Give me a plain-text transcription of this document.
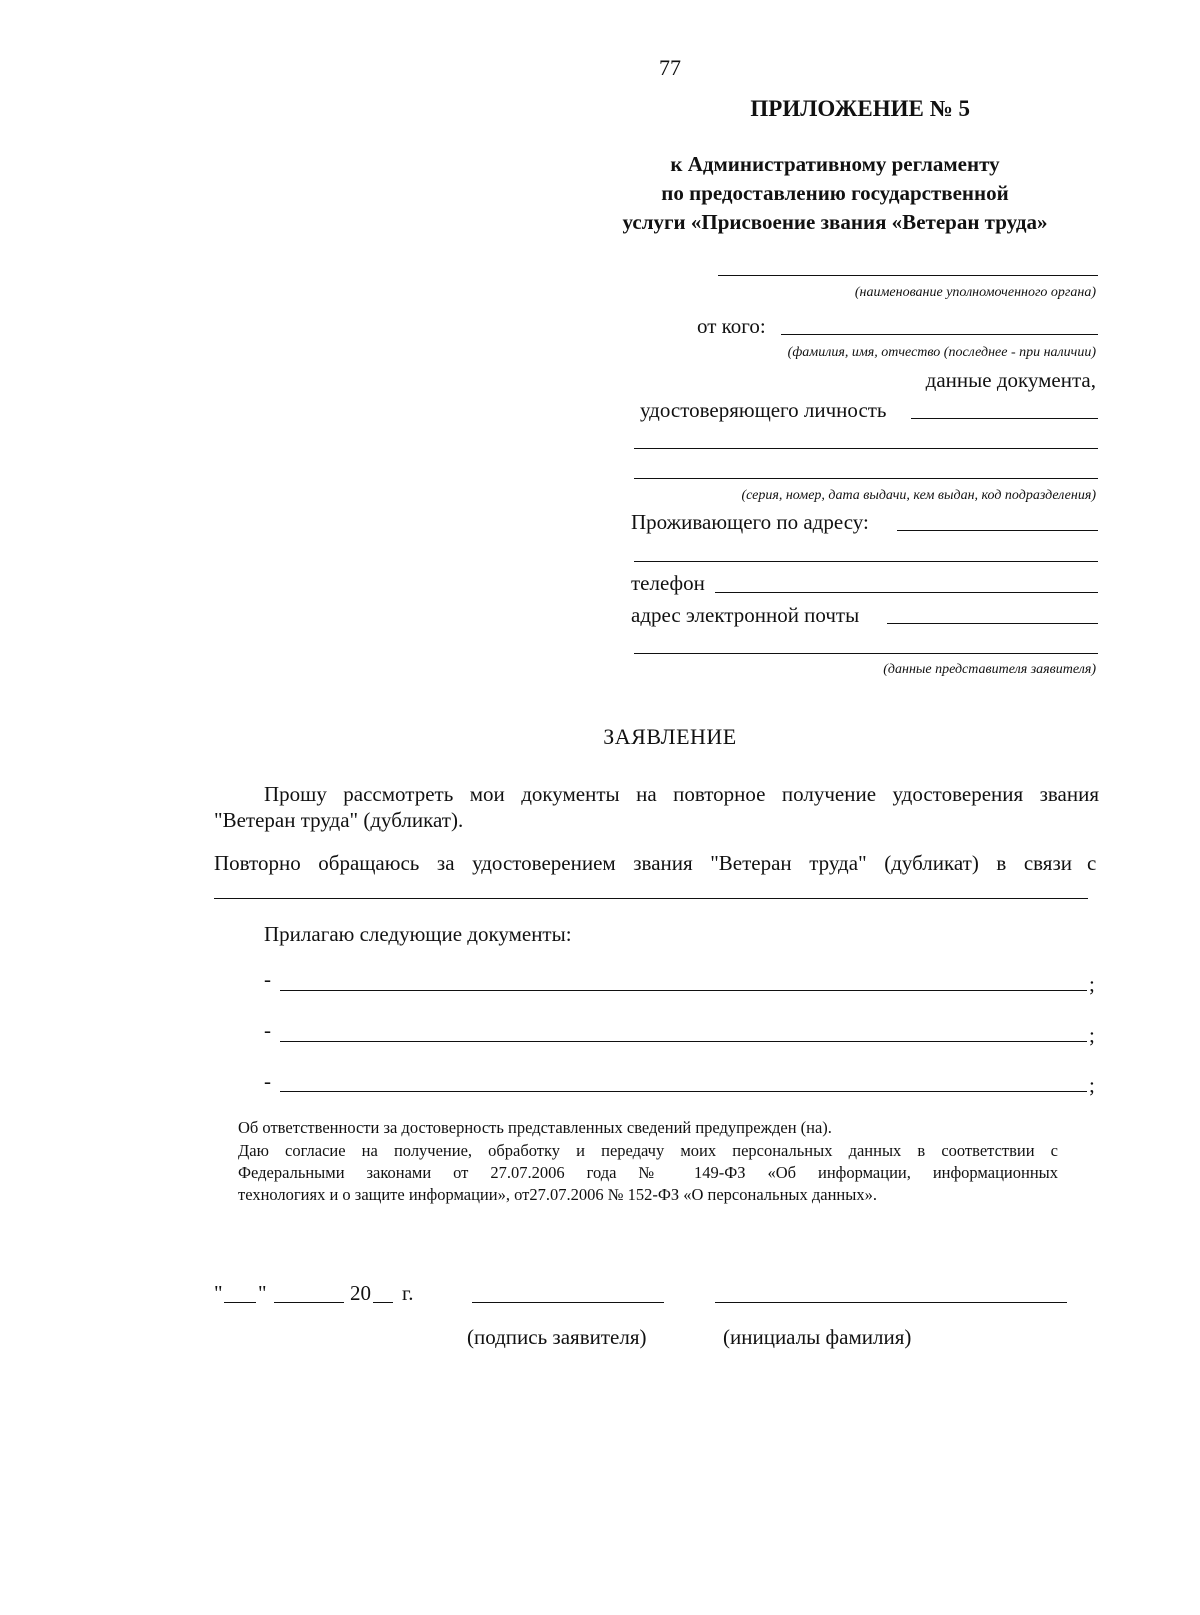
77
ПРИЛОЖЕНИЕ № 5
к Административному регламенту
по предоставлению государственной
услуги «Присвоение звания «Ветеран труда»
(наименование уполномоченного органа)
от кого:
(фамилия, имя, отчество (последнее - при наличии)
данные документа,
удостоверяющего личность
(серия, номер, дата выдачи, кем выдан, код подразделения)
Проживающего по адресу:
телефон
адрес электронной почты
(данные представителя заявителя)
ЗАЯВЛЕНИЕ
Прошу рассмотреть мои документы на повторное получение удостоверения звания
"Ветеран труда" (дубликат).
Повторно обращаюсь за удостоверением звания "Ветеран труда" (дубликат) в связи с
Прилагаю следующие документы:
-	;
-	;
-	;
Об ответственности за достоверность представленных сведений предупрежден (на).
Даю согласие на получение, обработку и передачу моих персональных данных в соответствии с
Федеральными законами от 27.07.2006 года № 149-ФЗ «Об информации, информационных
технологиях и о защите информации», от27.07.2006 № 152-ФЗ «О персональных данных».
" "	20 г.
(подпись заявителя)	(инициалы фамилия)
